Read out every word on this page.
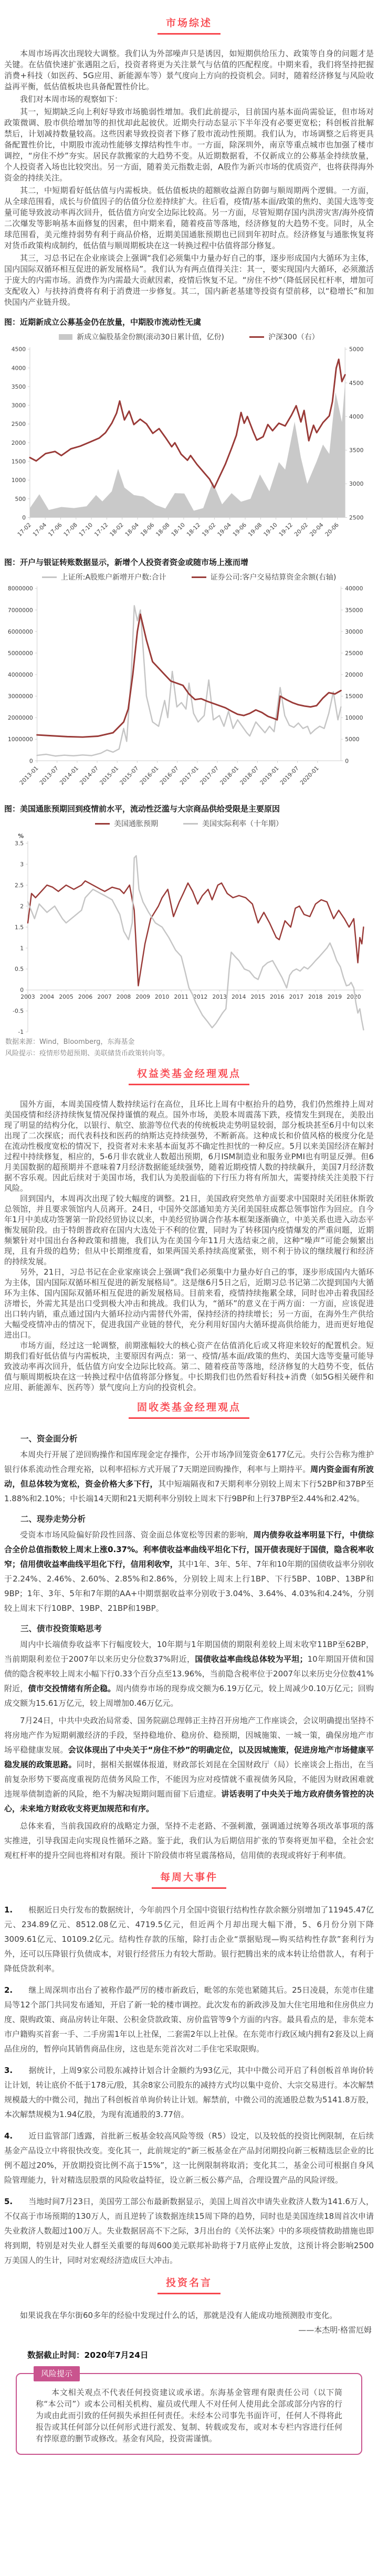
市场综述

本周市场再次出现较大调整。我们认为外部噪声只是诱因，如短期供给压力、政策等自身的问题才是关键。在估值快速扩张遇阻之后，投资者将更为关注景气与估值的匹配程度。中期来看，我们将坚持把握消费+科技（如医药、5G应用、新能源车等）景气度向上方向的投资机会。同时，随着经济修复与风险收益再平衡，低估值板块也具备配置性价比。

我们对本周市场的观察如下：

其一，短期缺乏向上利好导致市场脆弱性增加。我们此前提示，目前国内基本面尚需验证，但市场对政策微调、股市供给增加等的担忧却此起彼伏。近期央行动态显示下半年没有必要更宽松；科创板首批解禁后，计划减持数量较高。这些因素导致投资者下修了股市流动性预期。我们认为，市场调整之后将更具备配置性价比，中期股市流动性能够支撑结构性牛市。一方面，除深圳外，南京等重点城市也加强了楼市调控，“房住不炒”夯实。居民存款搬家的大趋势不变。从近期数据看，不仅新成立的公募基金持续放量，个人投资者入场也比较突出。另一方面，随着美元指数走弱，A股作为新兴市场的优质资产，也将获得海外资金的持续关注。

其二，中短期看好低估值与内需板块。低估值板块的超额收益源自防御与顺周期两个逻辑。一方面，从全球范围看，成长与价值因子的估值分位差持续扩大。往后看，疫情/基本面/政策的焦灼、美国大选等变量可能导致波动率再次回升，低估值方向安全边际比较高。另一方面，尽管短期存国内洪涝灾害/海外疫情二次爆发等影响基本面修复的因素，但中期来看，随着疫苗等落地，经济修复的大趋势不变。同时，从全球范围看，美元维持弱势有利于商品价格，近期美国通胀预期也已回到年初时点。经济修复与通胀恢复将对货币政策构成制约，低估值与顺周期板块在这一转换过程中估值将部分修复。

其三，习总书记在企业座谈会上强调“我们必须集中力量办好自己的事，逐步形成国内大循环为主体，国内国际双循环相互促进的新发展格局”。我们认为有两点值得关注：其一，要实现国内大循环，必须激活于庞大的内需市场。消费作为内需最大贡献因素，疫情后恢复不足。“房住不炒”（降低居民杠杆率，增加可支配收入）与扶持消费将有利于消费进一步修复。其二，国内新老基建等投资有望前移，以“稳增长”和加快国内产业链升级。

图：近期新成立公募基金仍在放量，中期股市流动性无虞
新成立偏股基金份额(滚动30日累计值，亿份)	沪深300（右）
4500
4000
3500
3000
2500
2000
1500
1000
500
0
5000
4500
4000
3500
3000
2500
17-02
17-04
17-06
17-08
17-10
17-12
18-02
18-04
18-06
18-08
18-10
18-12
19-02
19-04
19-06
19-08
19-10
19-12
20-02
20-04
20-06
图：开户与银证转账数据显示，新增个人投资者资金或随市场上涨而增
上证所:A股账户新增开户数:合计	证券公司:客户交易结算资金余额(右轴)
8000000
7000000
6000000
5000000
4000000
3000000
2000000
1000000
0
40000
35000
30000
25000
20000
15000
10000
5000
0
2013-01
2013-07
2014-01
2014-07
2015-01
2015-07
2016-01
2016-07
2017-01
2017-07
2018-01
2018-07
2019-01
2019-07
2020-01
图：美国通胀预期回到疫情前水平，流动性泛滥与大宗商品供给受限是主要原因
美国通胀预期	美国实际利率（十年期）
3.5
3
2.5
2
1.5
1
0.5
0
-0.5
-1
%
2003 2004 2005 2006 2007 2008 2009 2010 2011 2012 2013 2014 2015 2016 2017 2018 2019 2020
数据来源：Wind，Bloomberg，东海基金
风险提示：疫情形势超预期、美联储货币政策转向等。
权益类基金经理观点

国外方面，本周美国疫情人数持续运行在高位，且环比上周有中枢抬升的趋势，我们仍然维持上周对美国疫情和经济持续恢复情况保持谨慎的观点。国外市场，美股本周震荡下跌，疫情发生到现在，美股出现了明显的结构分化，以银行、航空、旅游等位代表的传统板块走势明显较弱，部分板块甚至6月中旬以来出现了二次探底；而代表科技和医药的纳斯达克持续强势，不断新高。这种成长和价值风格的极度分化是在流动性极度宽松的情况下，投资者对未来基本面复苏不确定性担忧的一种反应。5月以来美国经济在解封过程中持续修复，相应的，5-6月非农就业人数超出预期，6月ISM制造业和服务业PMI也有明显反弹。但6月美国数据的超预期并不意味着7月经济数据能延续强势，随着近期疫情人数的持续飙升，美国7月经济数据不容乐观。因此后续对于美国市场，我们认为美股面临的下行压力将有所加大，需要持续关注美股下行风险。

回到国内，本周再次出现了较大幅度的调整。21日，美国政府突然单方面要求中国限时关闭驻休斯敦总领馆，并且要求领馆内人员离开。24日，中国外交部通知美方关闭美国驻成都总领事馆作为回应。自今年1月中美成功签署第一阶段经贸协议以来，中美经贸协调合作基本框架逐渐确立，中美关系也进入动态平衡发展阶段。由于特朗普政府在国内大选处于不利的位置，同时为了转移国内疫情爆发的严重问题，近期频繁针对中国出台各种政策和措施，我们认为在美国今年11月大选结束之前，这种“噪声”可能会频繁出现，且有升级的趋势；但从中长期维度看，如果两国关系持续高度紧张，则不利于协议的继续履行和经济的持续发展。

另外，21日，习总书记在企业家座谈会上强调“我们必须集中力量办好自己的事，逐步形成国内大循环为主体，国内国际双循环相互促进的新发展格局”。这是继6月5日之后，近期习总书记第二次提到国内大循环为主体、国内国际双循环相互促进的新发展格局。目前来看，疫情持续拖累全球，同时也冲击着我国经济增长，外需尤其是出口受到极大冲击和挑战。我们认为，“循环”的意义在于两方面：一方面，应该促进出口转内销，重点通过国内大循环拉动内需替代外需，保持经济的持续增长；另一方面，在海外生产供给大幅受疫情冲击的情况下，促进我国产业链的替代，充分利用好国内大循环提高供给能力，进而更好地促进出口。

市场方面，经过这一轮调整，前期涨幅较大的核心资产在估值消化后或又将迎来较好的配置机会。短期我们看好低估值与内需板块，主要原因有两点：第一、疫情/基本面/政策的焦灼、美国大选等变量可能导致波动率再次回升，低估值方向安全边际比较高。第二、随着疫苗等落地，经济修复的大趋势不变，低估值与顺周期板块在这一转换过程中估值将部分修复。中长期我们也仍然看好科技+消费（如5G相关硬件和应用、新能源车、医药等）景气度向上方向的投资机会。

固收类基金经理观点
一、资金面分析

本周央行开展了逆回购操作和国库现金定存操作，公开市场净回笼资金6177亿元。央行公告称为维护银行体系流动性合理充裕，以利率招标方式开展了7天期逆回购操作，利率与上期持平。周内资金面有所波动，但总体较为宽松，资金价格大多下行，其中短端隔夜和7天期利率分别较上周末下行52BP和37BP至1.88%和2.10%；中长端14天期和21天期利率分别较上周末下行9BP和上行37BP至2.44%和2.42%。

二、现券走势分析

受资本市场风险偏好阶段性回落、资金面总体宽松等因素的影响，周内债券收益率明显下行，中债综合全价总值指数较上周末上涨0.37%。利率债收益率曲线平坦化下行，国开债表现好于国债，隐含税率收窄；信用债收益率曲线平坦化下行，信用利收窄，其中1年、3年、5年、7年和10年期的国债收益率分别收于2.24%、2.46%、2.60%、2.85%和2.86%，分别较上周末上行1BP、下行5BP、10BP、13BP和9BP；1年、3年、5年和7年期的AA+中期票据收益率分别收于3.04%、3.64%、4.03%和4.24%，分别较上周末下行10BP、19BP、21BP和19BP。

三、债市投资策略思考

周内中长端债券收益率下行幅度较大，10年期与1年期国债的期限利差较上周末收窄11BP至62BP，当前期限利差位于2007年以来历史分位数37%附近，国债收益率曲线总体较为平坦；10年期国开债和国债的隐含税率较上周末小幅下行0.33个百分点至13.96%，当前隐含税率位于2007年以来历史分位数41%附近，债市交投情绪有所企稳。周内债券市场的现券成交额为6.19万亿元，较上周减少0.10万亿元；回购成交额为15.61万亿元，较上周增加0.46万亿元。

7月24日，中共中央政治局常委、国务院副总理韩正主持召开房地产工作座谈会，会议明确提出坚持不将房地产作为短期刺激经济的手段，坚持稳地价、稳房价、稳预期，因城施策、一城一策，确保房地产市场平稳健康发展。会议体现出了中央关于“房住不炒”的明确定位，以及因城施策，促进房地产市场健康平稳发展的政策思路。同时，据相关据媒体报道，财政部长刘昆在全国财政厅（局）长座谈会上指出，在当前复杂形势下要高度重视防范债务风险工作，不能因为应对疫情就不重视债务风险，不能因为财政困难就违规举债制造新的风险，绝不为解决短期问题而留下后遗症。讲话表明了中央关于地方政府债务管控的决心，未来地方财政收支将更加规范和有序。

总体来看，当前我国政府的战略定力强，坚持不走老路、不强刺激，强调通过统筹各项改革事项的落实推进，引导我国走向实现良性循环之路。鉴于此，我们认为后期信用扩张的节奏将更加平稳，全社会宏观杠杆率的提升空间也将相对有限。预计下阶段债市将呈震荡格局，信用债的表现或将好于利率债。

每周大事件

1. 根据近日央行发布的数据统计，今年前四个月全国中资银行结构性存款余额分别增加了11945.47亿元、234.89亿元、8512.08亿元、4719.5亿元，但近两个月却出现大幅下滑，5、6月份分别下降3009.61亿元、10109.2亿元。结构性存款的压缩，除打击企业“票据贴现—购买结构性存款”套利行为外，还可以压降银行负债成本，对银行经营压力有较大帮助。银行把腾出来的成本转让给借款人，有利于降低贷款利率。

2. 继上周深圳市出台了被称作最严厉的楼市新政后，毗邻的东莞也紧随其后。25日凌晨，东莞市住建局等12个部门共同发布通知，开启了新一轮的楼市调控。此次发布的新政涉及加大住宅用地和住房供应力度、限购政策、商品房转让年限、公积金贷款政策、房价监管等9个方面的内容。最具看点的是，非东莞本市户籍购买首套一手、二手房需1年以上社保，二套需2年以上社保。在东莞市行政区域内拥有2套及以上商品住房的，暂停向其销售商品住房，这也是东莞首次对二手住宅采取限购。

3. 据统计，上周9家公司股东减持计划合计金额约为93亿元，其中中微公司开启了科创板首单询价转让计划，转让底价不低于178元/股，其余8家公司股东的减持方式均以集中竞价、大宗交易进行。本次解禁规模最大的中微公司，抛出了科创板首单询价转让计划。解禁前，中微公司的流通股总数为5141.8万股，本次解禁规模为1.94亿股，为现有流通股的3.77倍。

4. 近日监管部门透露，首批新三板基金较高风险等级（R5）设定，以及较低的投资比例限制，在后续基金产品设立中将很快改变。变化其一，此前规定的“新三板基金在产品封闭期投向新三板精选层企业的比例不超过20%，开放期投资比例不高于15%”，这一比例限制将取消；变化其二，基金公司可根据自身风险管理能力，针对精选层股票的风险收益特征，设立新三板公募产品，合理设置产品的风险评级。

5. 当地时间7月23日，美国劳工部公布最新数据显示，美国上周首次申请失业救济人数为141.6万人，不仅高于市场预期的130万人，而且逆转了该数据连续15周下降的趋势，同时也是美国连续18周首次申请失业救济人数超过100万人。失业数据居高不下之际，3月出台的《关怀法案》中的多项疫情救助措施也即将到期，特别是对失业人群至关重要的每周600美元联邦补助将于7月底停止发放，这预计将会影响2500万美国人的生计，同时对宏观经济造成巨大冲击。

投资名言

如果说我在华尔街60多年的经验中发现过什么的话，那就是没有人能成功地预测股市变化。

——本杰明·格雷厄姆

数据截止时间：2020年7月24日

风险提示

本文相关观点不代表任何投资建议或承诺。东海基金管理有限责任公司（以下简称“本公司”）或本公司相关机构、雇员或代理人不对任何人使用此全部或部分内容的行为或由此而引致的任何损失承担任何责任。未经本公司事先书面许可，任何人不得将此报告或其任何部分以任何形式进行派发、复制、转载或发布，或对本专栏内容进行任何有悖原意的删节或修改。基金有风险，投资需谨慎。
